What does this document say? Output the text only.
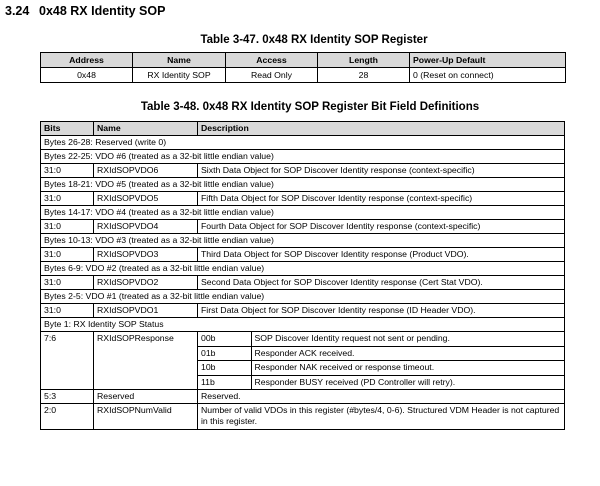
3.24 0x48 RX Identity SOP
Table 3-47. 0x48 RX Identity SOP Register
Address	Name	Access	Length	Power-Up Default
0x48	RX Identity SOP	Read Only	28	0 (Reset on connect)
Table 3-48. 0x48 RX Identity SOP Register Bit Field Definitions
Bits	Name	Description
Bytes 26-28: Reserved (write 0)
Bytes 22-25: VDO #6 (treated as a 32-bit little endian value)
31:0	RXIdSOPVDO6	Sixth Data Object for SOP Discover Identity response (context-specific)
Bytes 18-21: VDO #5 (treated as a 32-bit little endian value)
31:0	RXIdSOPVDO5	Fifth Data Object for SOP Discover Identity response (context-specific)
Bytes 14-17: VDO #4 (treated as a 32-bit little endian value)
31:0	RXIdSOPVDO4	Fourth Data Object for SOP Discover Identity response (context-specific)
Bytes 10-13: VDO #3 (treated as a 32-bit little endian value)
31:0	RXIdSOPVDO3	Third Data Object for SOP Discover Identity response (Product VDO).
Bytes 6-9: VDO #2 (treated as a 32-bit little endian value)
31:0	RXIdSOPVDO2	Second Data Object for SOP Discover Identity response (Cert Stat VDO).
Bytes 2-5: VDO #1 (treated as a 32-bit little endian value)
31:0	RXIdSOPVDO1	First Data Object for SOP Discover Identity response (ID Header VDO).
Byte 1: RX Identity SOP Status
7:6	RXIdSOPResponse		00b	SOP Discover Identity request not sent or pending.
01b	Responder ACK received.
10b	Responder NAK received or response timeout.
11b	Responder BUSY received (PD Controller will retry).

5:3	Reserved	Reserved.
2:0	RXIdSOPNumValid	Number of valid VDOs in this register (#bytes/4, 0-6). Structured VDM Header is not captured in this register.
